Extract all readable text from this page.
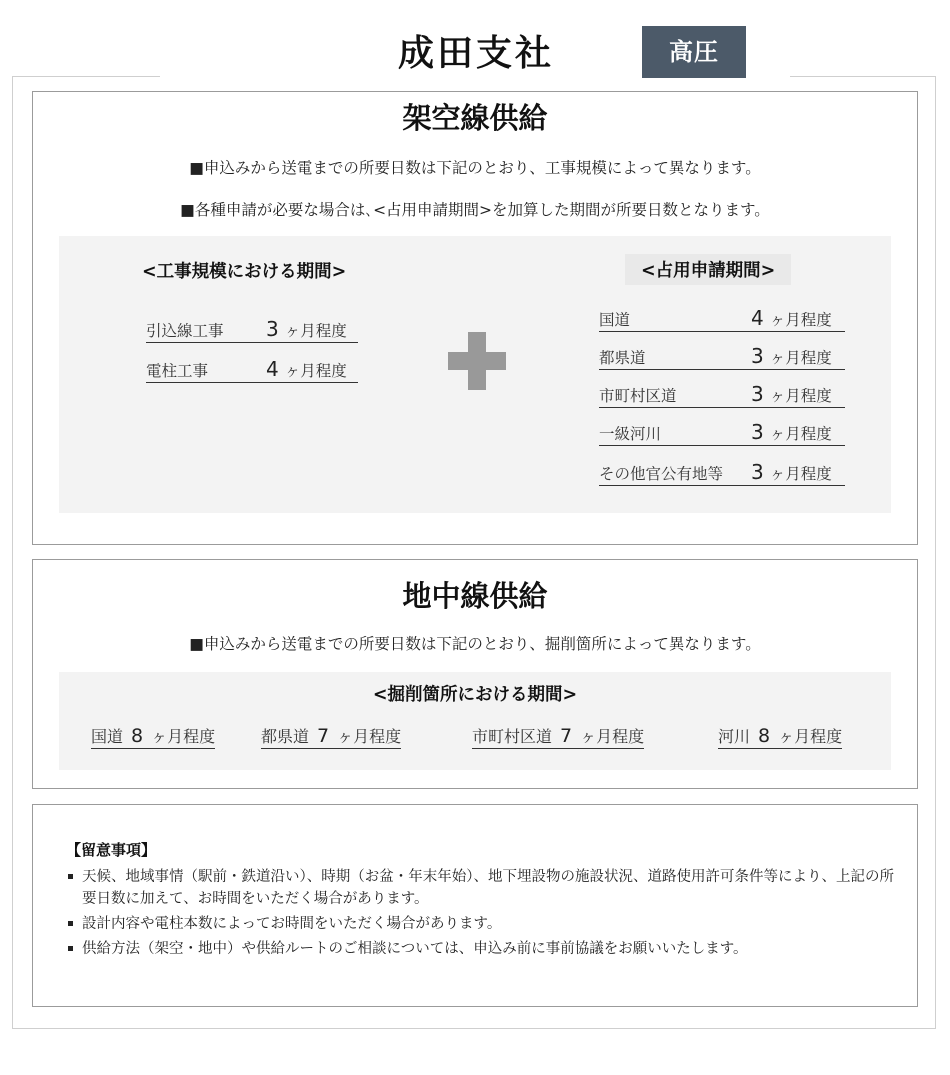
成田支社	高圧
架空線供給
■申込みから送電までの所要日数は下記のとおり、工事規模によって異なります。
■各種申請が必要な場合は､<占用申請期間>を加算した期間が所要日数となります。
<工事規模における期間>
引込線工事	3 ヶ月程度
電柱工事	4 ヶ月程度
<占用申請期間>
国道	4 ヶ月程度
都県道	3 ヶ月程度
市町村区道	3 ヶ月程度
一級河川	3 ヶ月程度
その他官公有地等	3 ヶ月程度
地中線供給
■申込みから送電までの所要日数は下記のとおり、掘削箇所によって異なります。
<掘削箇所における期間>
国道 8 ヶ月程度	都県道 7 ヶ月程度	市町村区道 7 ヶ月程度	河川 8 ヶ月程度
【留意事項】
天候、地域事情（駅前・鉄道沿い）、時期（お盆・年末年始）、地下埋設物の施設状況、道路使用許可条件等により、上記の所要日数に加えて、お時間をいただく場合があります。
設計内容や電柱本数によってお時間をいただく場合があります。
供給方法（架空・地中）や供給ルートのご相談については、申込み前に事前協議をお願いいたします。
